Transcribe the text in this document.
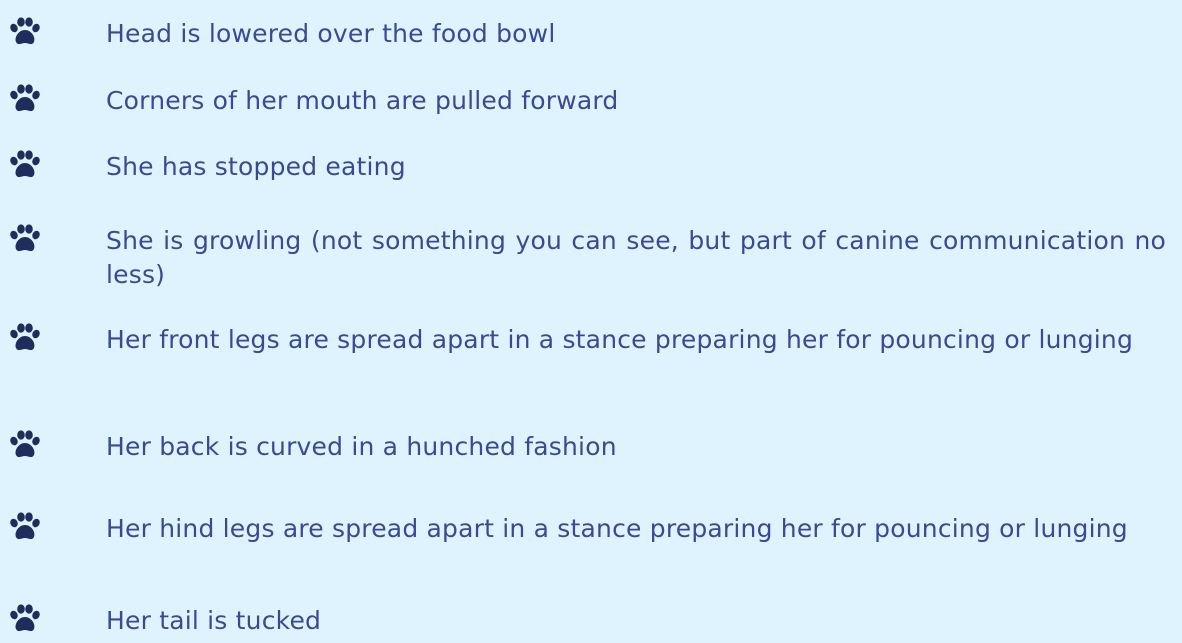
Head is lowered over the food bowl
Corners of her mouth are pulled forward
She has stopped eating
She is growling (not something you can see, but part of canine communication no less)
Her front legs are spread apart in a stance preparing her for pouncing or lunging
Her back is curved in a hunched fashion
Her hind legs are spread apart in a stance preparing her for pouncing or lunging
Her tail is tucked
